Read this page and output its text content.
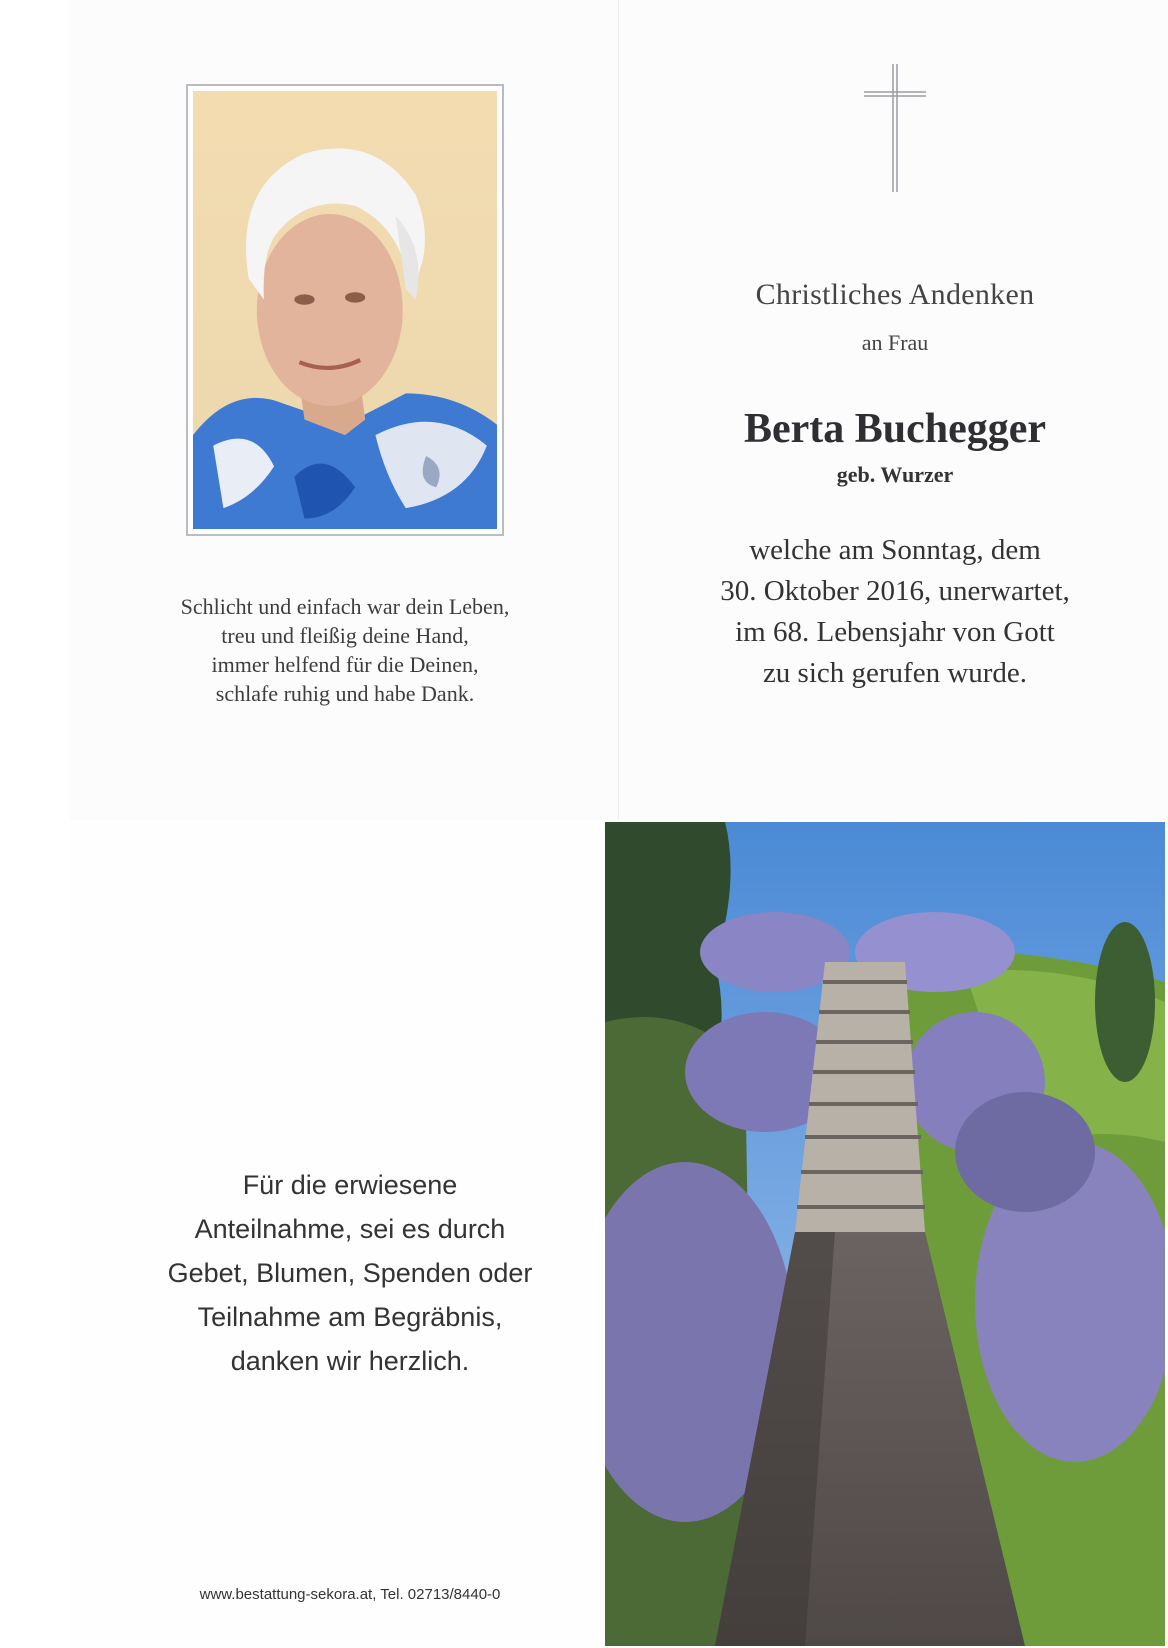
Schlicht und einfach war dein Leben,
treu und fleißig deine Hand,
immer helfend für die Deinen,
schlafe ruhig und habe Dank.
Christliches Andenken
an Frau
Berta Buchegger
geb. Wurzer
welche am Sonntag, dem
30. Oktober 2016, unerwartet,
im 68. Lebensjahr von Gott
zu sich gerufen wurde.
Für die erwiesene
Anteilnahme, sei es durch
Gebet, Blumen, Spenden oder
Teilnahme am Begräbnis,
danken wir herzlich.
www.bestattung-sekora.at, Tel. 02713/8440-0
